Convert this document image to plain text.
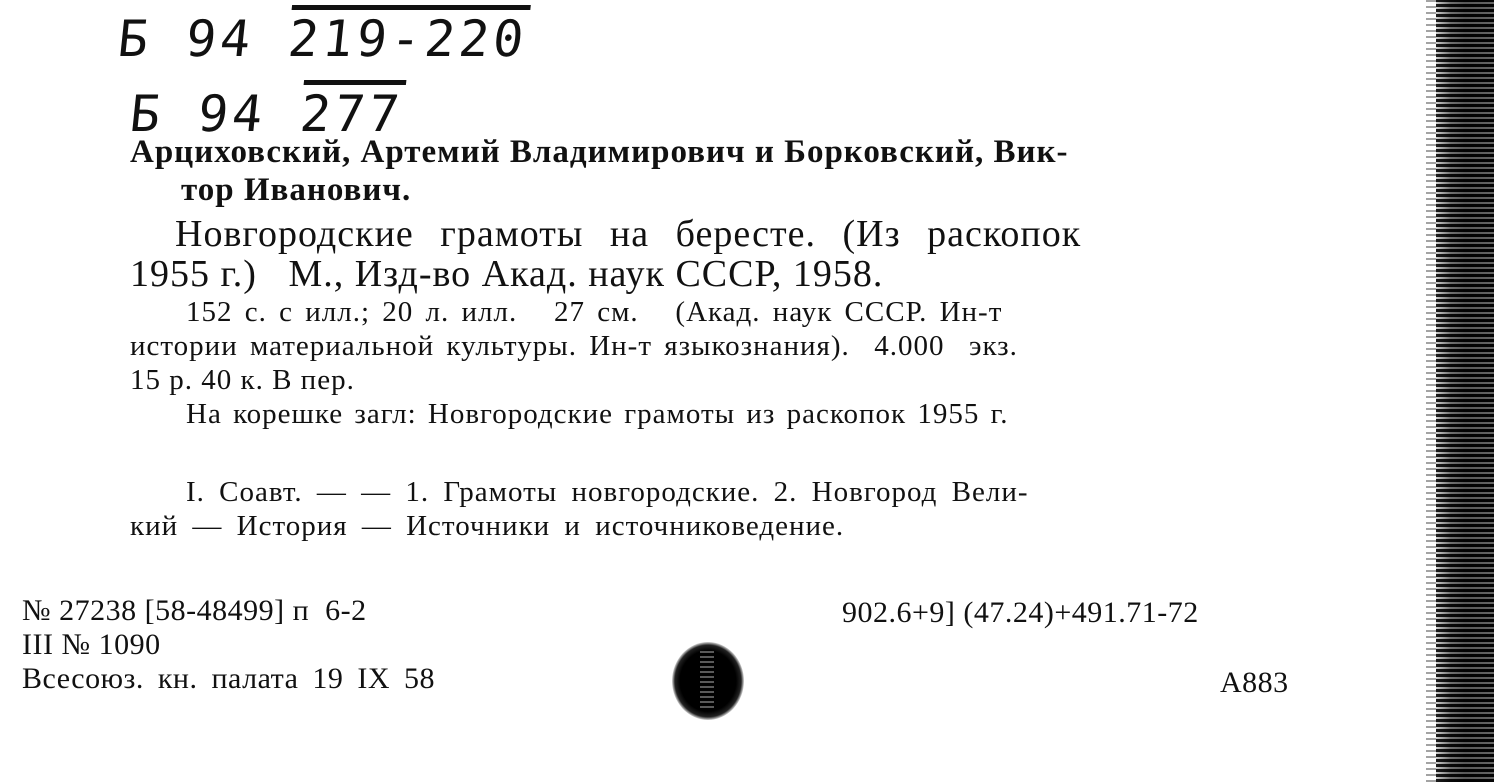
Б 94 219-220
Б 94 277
Арциховский, Артемий Владимирович и Борковский, Вик-
тор Иванович.
Новгородские грамоты на бересте. (Из раскопок
1955 г.)   М., Изд-во Акад. наук СССР, 1958.
152 с. с илл.; 20 л. илл.   27 см.   (Акад. наук СССР. Ин-т
истории материальной культуры. Ин-т языкознания).  4.000  экз.
15 р. 40 к. В пер.
На корешке загл: Новгородские грамоты из раскопок 1955 г.
I. Соавт. — — 1. Грамоты новгородские. 2. Новгород Вели-
кий — История — Источники и источниковедение.
№ 27238 [58-48499] п  6-2
III № 1090
Всесоюз. кн. палата 19 IX 58
902.6+9] (47.24)+491.71-72
А883
